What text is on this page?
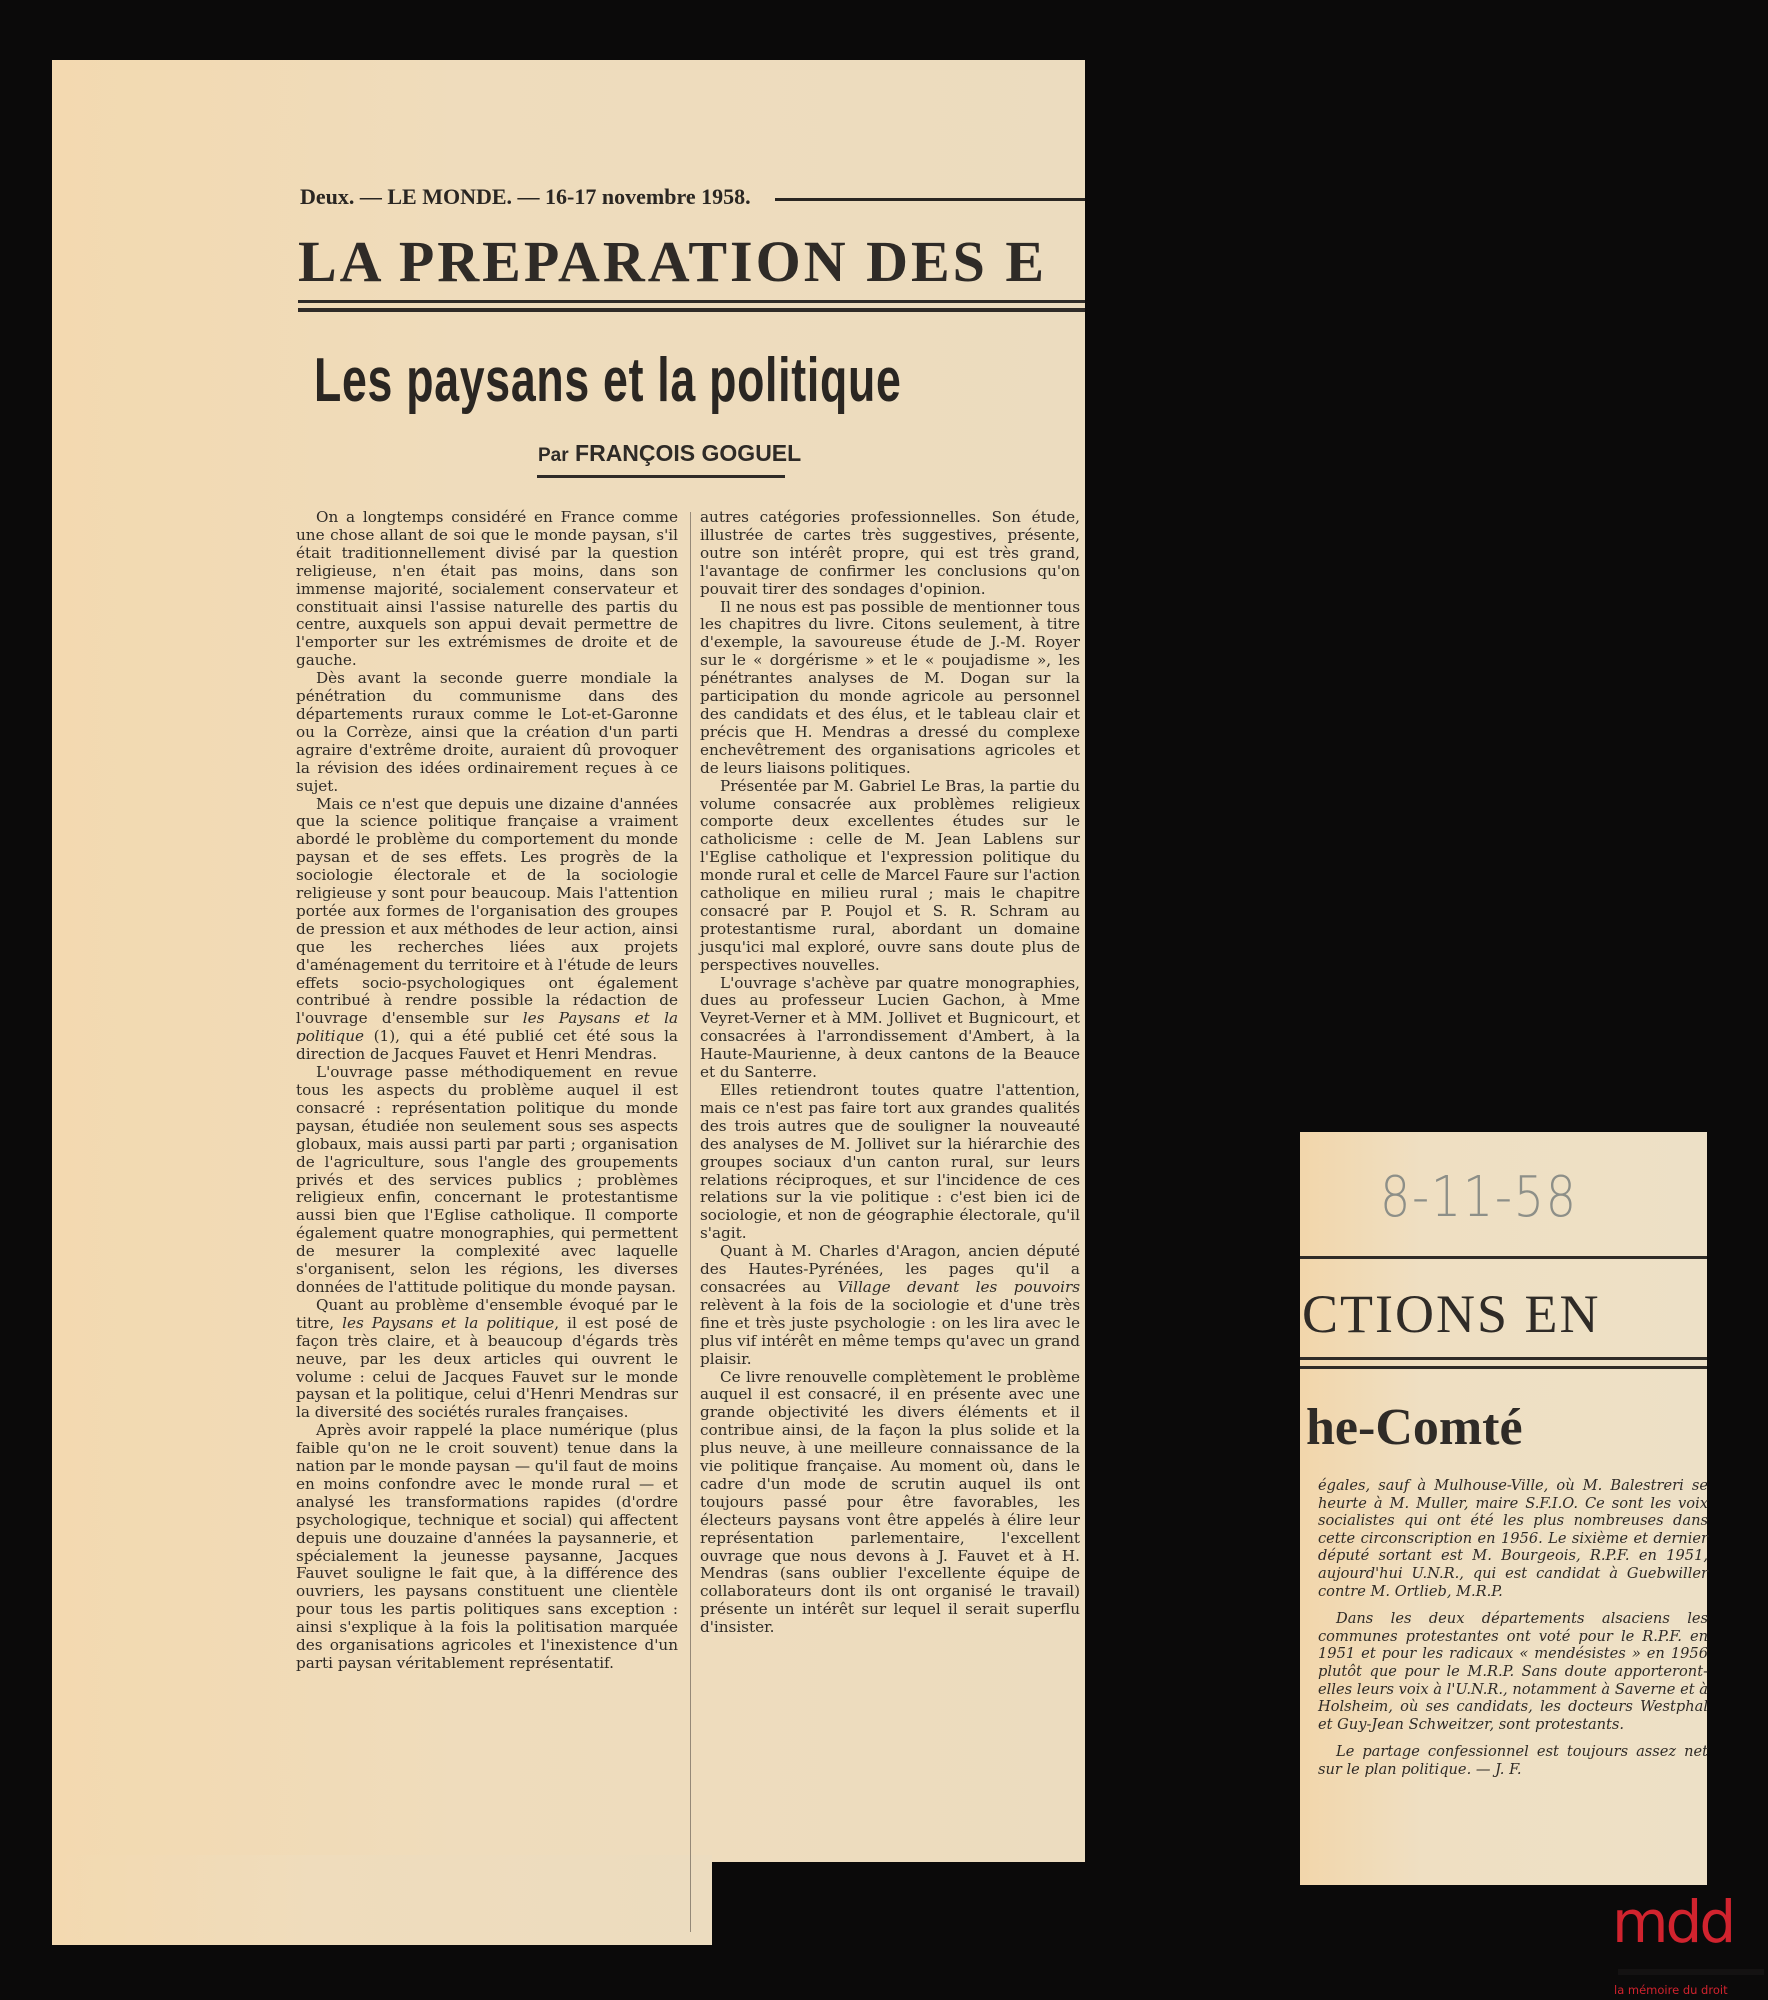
Deux. — LE MONDE. — 16-17 novembre 1958.
LA PREPARATION DES E
Les paysans et la politique
Par FRANÇOIS GOGUEL

On a longtemps considéré en France comme une chose allant de soi que le monde paysan, s'il était traditionnellement divisé par la question religieuse, n'en était pas moins, dans son immense majorité, socialement conservateur et constituait ainsi l'assise naturelle des partis du centre, auxquels son appui devait permettre de l'emporter sur les extrémismes de droite et de gauche.

Dès avant la seconde guerre mondiale la pénétration du communisme dans des départements ruraux comme le Lot-et-Garonne ou la Corrèze, ainsi que la création d'un parti agraire d'extrême droite, auraient dû provoquer la révision des idées ordinairement reçues à ce sujet.

Mais ce n'est que depuis une dizaine d'années que la science politique française a vraiment abordé le problème du comportement du monde paysan et de ses effets. Les progrès de la sociologie électorale et de la sociologie religieuse y sont pour beaucoup. Mais l'attention portée aux formes de l'organisation des groupes de pression et aux méthodes de leur action, ainsi que les recherches liées aux projets d'aménagement du territoire et à l'étude de leurs effets socio-psychologiques ont également contribué à rendre possible la rédaction de l'ouvrage d'ensemble sur les Paysans et la politique (1), qui a été publié cet été sous la direction de Jacques Fauvet et Henri Mendras.

L'ouvrage passe méthodiquement en revue tous les aspects du problème auquel il est consacré : représentation politique du monde paysan, étudiée non seulement sous ses aspects globaux, mais aussi parti par parti ; organisation de l'agriculture, sous l'angle des groupements privés et des services publics ; problèmes religieux enfin, concernant le protestantisme aussi bien que l'Eglise catholique. Il comporte également quatre monographies, qui permettent de mesurer la complexité avec laquelle s'organisent, selon les régions, les diverses données de l'attitude politique du monde paysan.

Quant au problème d'ensemble évoqué par le titre, les Paysans et la politique, il est posé de façon très claire, et à beaucoup d'égards très neuve, par les deux articles qui ouvrent le volume : celui de Jacques Fauvet sur le monde paysan et la politique, celui d'Henri Mendras sur la diversité des sociétés rurales françaises.

Après avoir rappelé la place numérique (plus faible qu'on ne le croit souvent) tenue dans la nation par le monde paysan — qu'il faut de moins en moins confondre avec le monde rural — et analysé les transformations rapides (d'ordre psychologique, technique et social) qui affectent depuis une douzaine d'années la paysannerie, et spécialement la jeunesse paysanne, Jacques Fauvet souligne le fait que, à la différence des ouvriers, les paysans constituent une clientèle pour tous les partis politiques sans exception : ainsi s'explique à la fois la politisation marquée des organisations agricoles et l'inexistence d'un parti paysan véritablement représentatif.

autres catégories professionnelles. Son étude, illustrée de cartes très suggestives, présente, outre son intérêt propre, qui est très grand, l'avantage de confirmer les conclusions qu'on pouvait tirer des sondages d'opinion.

Il ne nous est pas possible de mentionner tous les chapitres du livre. Citons seulement, à titre d'exemple, la savoureuse étude de J.-M. Royer sur le « dorgérisme » et le « poujadisme », les pénétrantes analyses de M. Dogan sur la participation du monde agricole au personnel des candidats et des élus, et le tableau clair et précis que H. Mendras a dressé du complexe enchevêtrement des organisations agricoles et de leurs liaisons politiques.

Présentée par M. Gabriel Le Bras, la partie du volume consacrée aux problèmes religieux comporte deux excellentes études sur le catholicisme : celle de M. Jean Lablens sur l'Eglise catholique et l'expression politique du monde rural et celle de Marcel Faure sur l'action catholique en milieu rural ; mais le chapitre consacré par P. Poujol et S. R. Schram au protestantisme rural, abordant un domaine jusqu'ici mal exploré, ouvre sans doute plus de perspectives nouvelles.

L'ouvrage s'achève par quatre monographies, dues au professeur Lucien Gachon, à Mme Veyret-Verner et à MM. Jollivet et Bugnicourt, et consacrées à l'arrondissement d'Ambert, à la Haute-Maurienne, à deux cantons de la Beauce et du Santerre.

Elles retiendront toutes quatre l'attention, mais ce n'est pas faire tort aux grandes qualités des trois autres que de souligner la nouveauté des analyses de M. Jollivet sur la hiérarchie des groupes sociaux d'un canton rural, sur leurs relations réciproques, et sur l'incidence de ces relations sur la vie politique : c'est bien ici de sociologie, et non de géographie électorale, qu'il s'agit.

Quant à M. Charles d'Aragon, ancien député des Hautes-Pyrénées, les pages qu'il a consacrées au Village devant les pouvoirs relèvent à la fois de la sociologie et d'une très fine et très juste psychologie : on les lira avec le plus vif intérêt en même temps qu'avec un grand plaisir.

Ce livre renouvelle complètement le problème auquel il est consacré, il en présente avec une grande objectivité les divers éléments et il contribue ainsi, de la façon la plus solide et la plus neuve, à une meilleure connaissance de la vie politique française. Au moment où, dans le cadre d'un mode de scrutin auquel ils ont toujours passé pour être favorables, les électeurs paysans vont être appelés à élire leur représentation parlementaire, l'excellent ouvrage que nous devons à J. Fauvet et à H. Mendras (sans oublier l'excellente équipe de collaborateurs dont ils ont organisé le travail) présente un intérêt sur lequel il serait superflu d'insister.

8-11-58
CTIONS EN
he-Comté

égales, sauf à Mulhouse-Ville, où M. Balestreri se heurte à M. Muller, maire S.F.I.O. Ce sont les voix socialistes qui ont été les plus nombreuses dans cette circonscription en 1956. Le sixième et dernier député sortant est M. Bourgeois, R.P.F. en 1951, aujourd'hui U.N.R., qui est candidat à Guebwiller contre M. Ortlieb, M.R.P.

Dans les deux départements alsaciens les communes protestantes ont voté pour le R.P.F. en 1951 et pour les radicaux « mendésistes » en 1956 plutôt que pour le M.R.P. Sans doute apporteront-elles leurs voix à l'U.N.R., notamment à Saverne et à Holsheim, où ses candidats, les docteurs Westphal et Guy-Jean Schweitzer, sont protestants.

Le partage confessionnel est toujours assez net sur le plan politique. — J. F.

mdd
la mémoire du droit
